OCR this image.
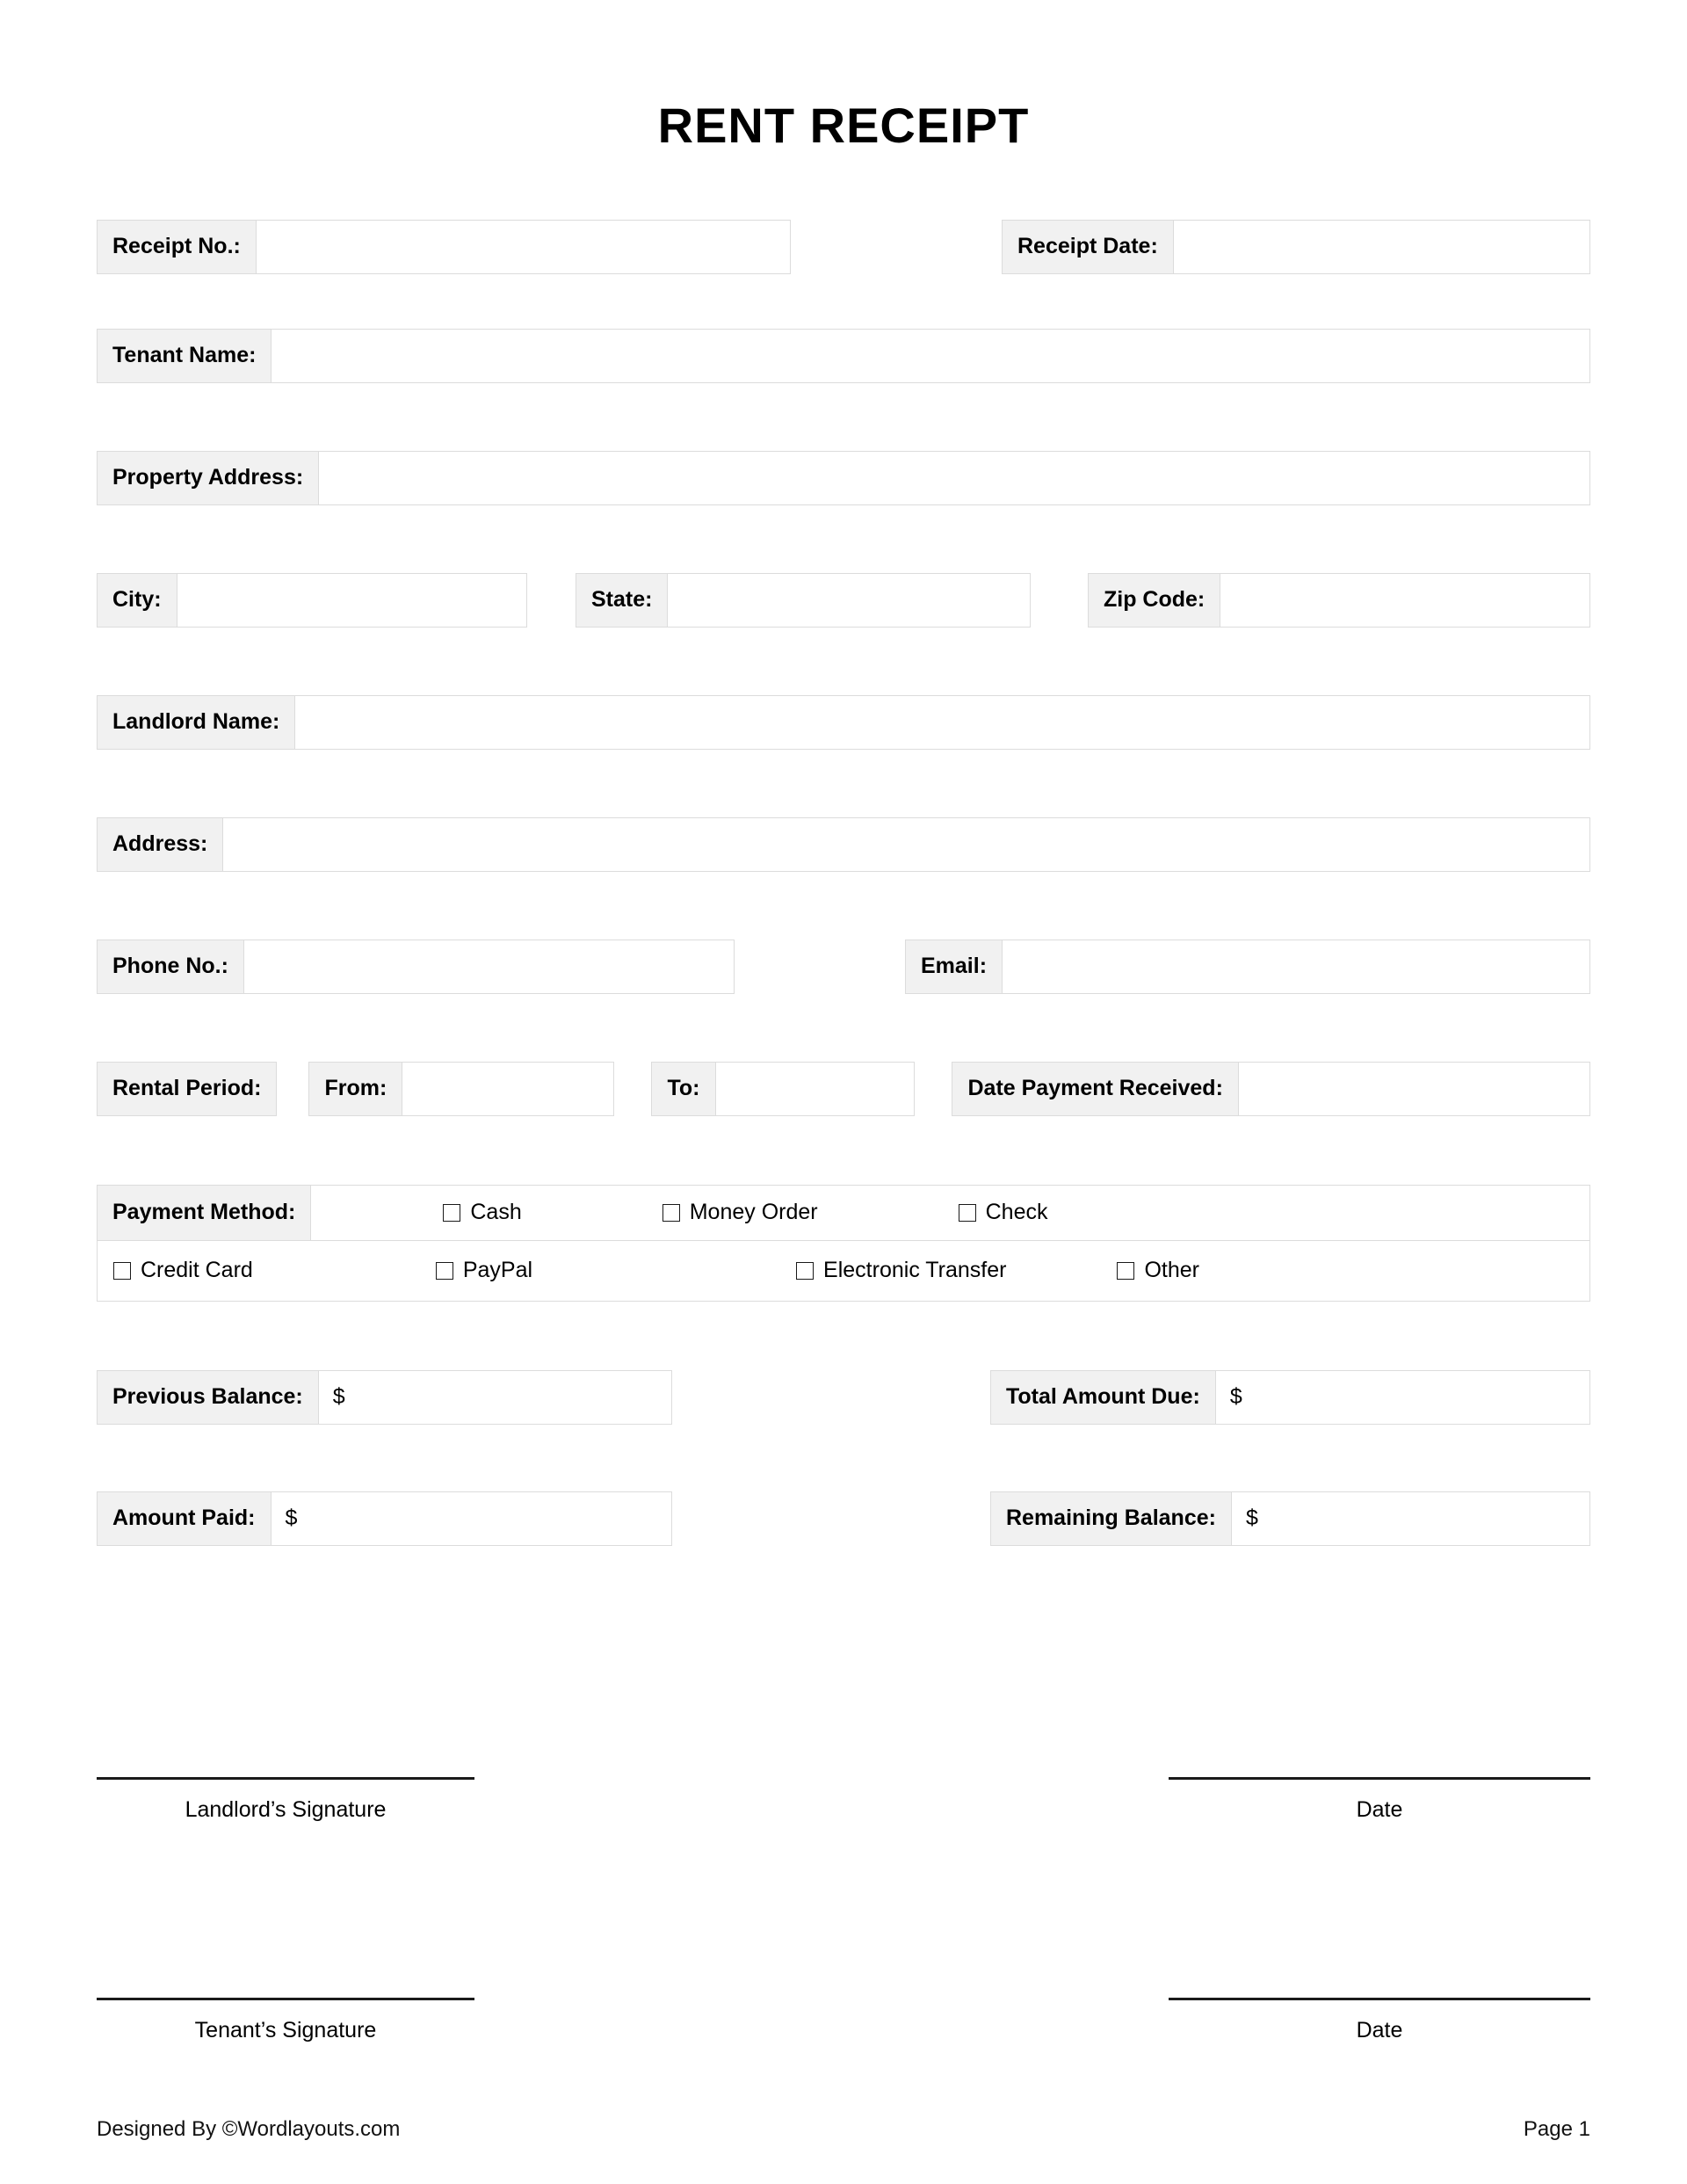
RENT RECEIPT
Receipt No.:	Receipt Date:
Tenant Name:
Property Address:
City:	State:	Zip Code:
Landlord Name:
Address:
Phone No.:	Email:
Rental Period:	From:	To:	Date Payment Received:
Payment Method:	Cash	Money Order	Check
Credit Card	PayPal	Electronic Transfer	Other
Previous Balance:	$	Total Amount Due:	$
Amount Paid:	$	Remaining Balance:	$
Landlord’s Signature	Date
Tenant’s Signature	Date
Designed By ©Wordlayouts.com	Page 1
